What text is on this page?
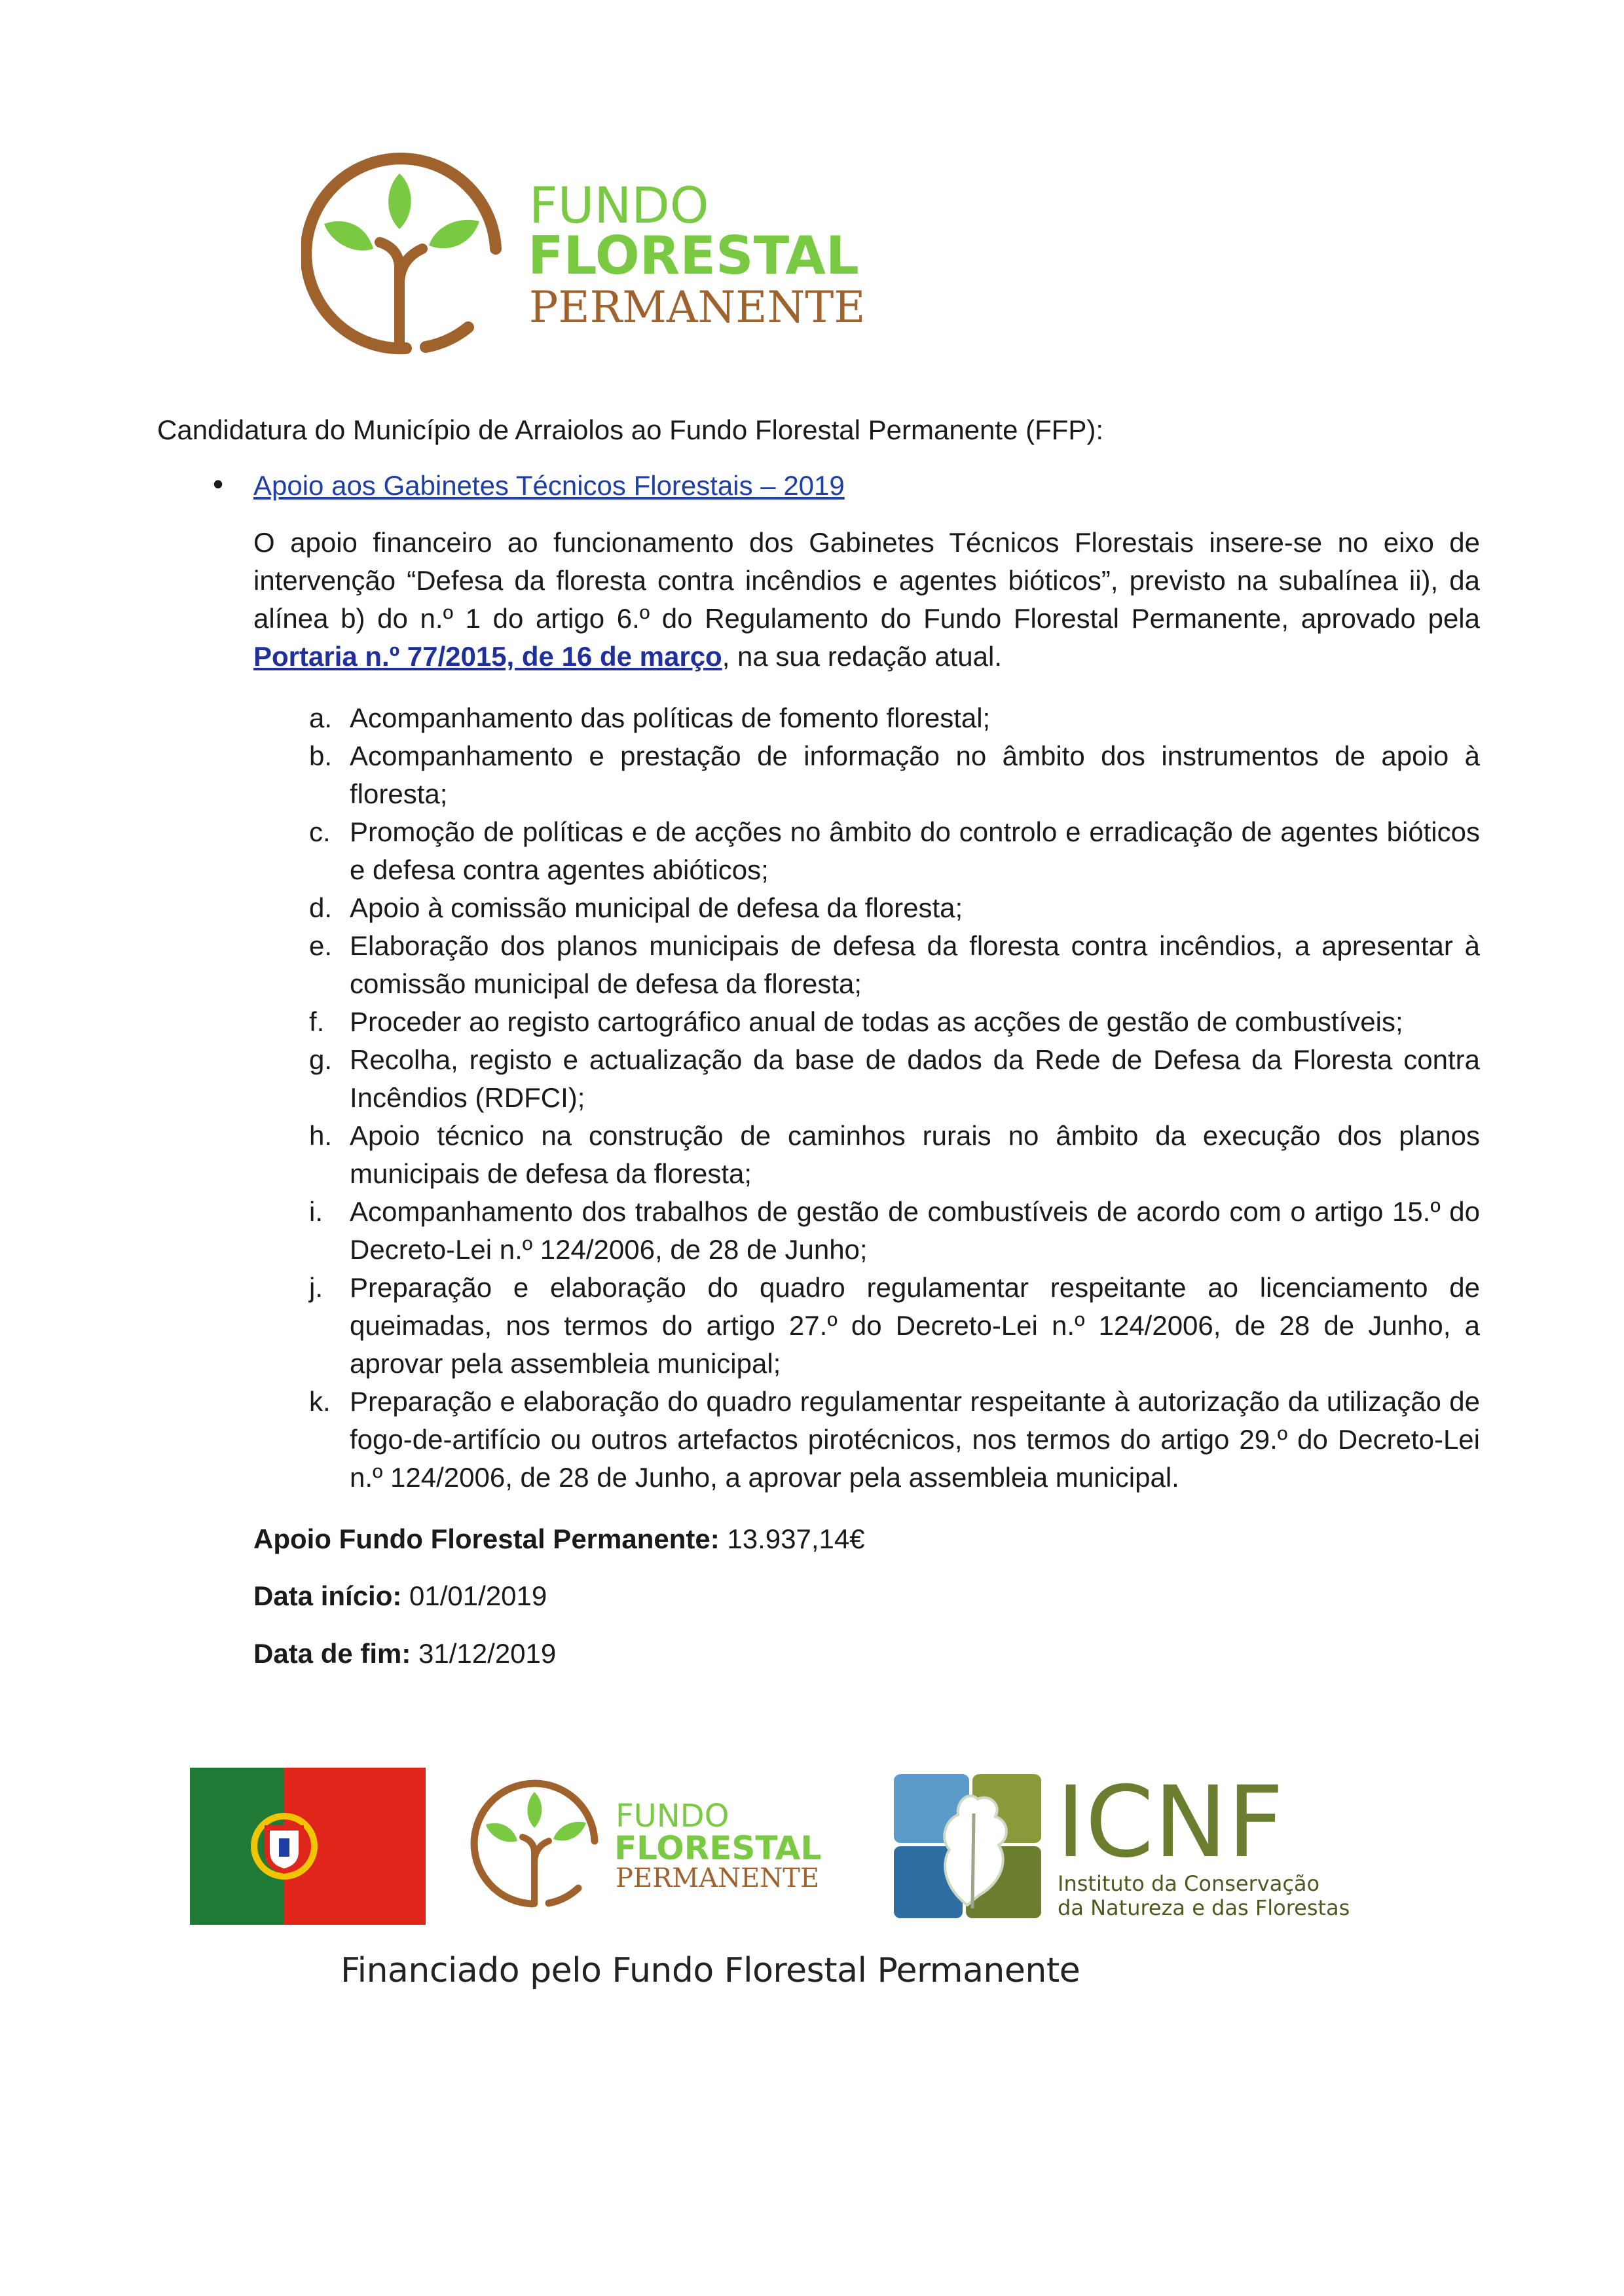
FUNDO
FLORESTAL
PERMANENTE
Candidatura do Município de Arraiolos ao Fundo Florestal Permanente (FFP):
• Apoio aos Gabinetes Técnicos Florestais – 2019
O apoio financeiro ao funcionamento dos Gabinetes Técnicos Florestais insere-se no eixo de intervenção “Defesa da floresta contra incêndios e agentes bióticos”, previsto na subalínea ii), da alínea b) do n.º 1 do artigo 6.º do Regulamento do Fundo Florestal Permanente, aprovado pela Portaria n.º 77/2015, de 16 de março, na sua redação atual.
a. Acompanhamento das políticas de fomento florestal;
b. Acompanhamento e prestação de informação no âmbito dos instrumentos de apoio à floresta;
c. Promoção de políticas e de acções no âmbito do controlo e erradicação de agentes bióticos e defesa contra agentes abióticos;
d. Apoio à comissão municipal de defesa da floresta;
e. Elaboração dos planos municipais de defesa da floresta contra incêndios, a apresentar à comissão municipal de defesa da floresta;
f. Proceder ao registo cartográfico anual de todas as acções de gestão de combustíveis;
g. Recolha, registo e actualização da base de dados da Rede de Defesa da Floresta contra Incêndios (RDFCI);
h. Apoio técnico na construção de caminhos rurais no âmbito da execução dos planos municipais de defesa da floresta;
i. Acompanhamento dos trabalhos de gestão de combustíveis de acordo com o artigo 15.º do Decreto-Lei n.º 124/2006, de 28 de Junho;
j. Preparação e elaboração do quadro regulamentar respeitante ao licenciamento de queimadas, nos termos do artigo 27.º do Decreto-Lei n.º 124/2006, de 28 de Junho, a aprovar pela assembleia municipal;
k. Preparação e elaboração do quadro regulamentar respeitante à autorização da utilização de fogo-de-artifício ou outros artefactos pirotécnicos, nos termos do artigo 29.º do Decreto-Lei n.º 124/2006, de 28 de Junho, a aprovar pela assembleia municipal.
Apoio Fundo Florestal Permanente: 13.937,14€
Data início: 01/01/2019
Data de fim: 31/12/2019
FUNDO
FLORESTAL
PERMANENTE ICNF
Instituto da Conservação
da Natureza e das Florestas
Financiado pelo Fundo Florestal Permanente
